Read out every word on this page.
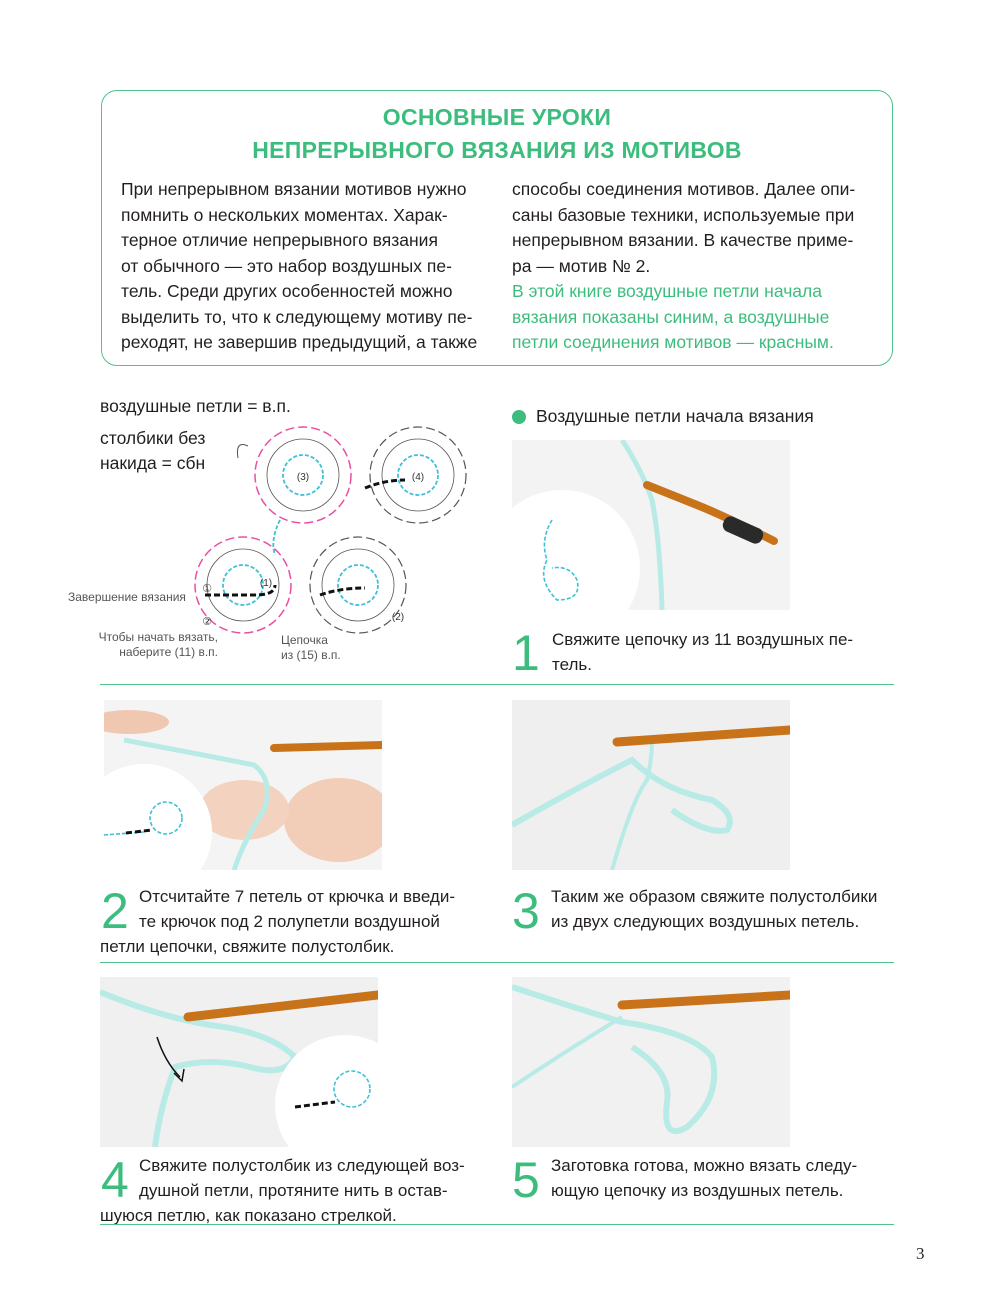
ОСНОВНЫЕ УРОКИ
НЕПРЕРЫВНОГО ВЯЗАНИЯ ИЗ МОТИВОВ
При непрерывном вязании мотивов нужно
помнить о нескольких моментах. Харак-
терное отличие непрерывного вязания
от обычного — это набор воздушных пе-
тель. Среди других особенностей можно
выделить то, что к следующему мотиву пе-
реходят, не завершив предыдущий, а также
способы соединения мотивов. Далее опи-
саны базовые техники, используемые при
непрерывном вязании. В качестве приме-
ра — мотив № 2.
В этой книге воздушные петли начала
вязания показаны синим, а воздушные
петли соединения мотивов — красным.
воздушные петли = в.п.
столбики без
накида = сбн
(3)	(4)
(1)
①
②	(2)
Завершение вязания
Чтобы начать вязать,
наберите (11) в.п.
Цепочка
из (15) в.п.
Воздушные петли начала вязания
1 Свяжите цепочку из 11 воздушных пе-
тель.
2 Отсчитайте 7 петель от крючка и введи-
те крючок под 2 полупетли воздушной
петли цепочки, свяжите полустолбик.
3 Таким же образом свяжите полустолбики
из двух следующих воздушных петель.
4 Свяжите полустолбик из следующей воз-
душной петли, протяните нить в остав-
шуюся петлю, как показано стрелкой.
5 Заготовка готова, можно вязать следу-
ющую цепочку из воздушных петель.
3
